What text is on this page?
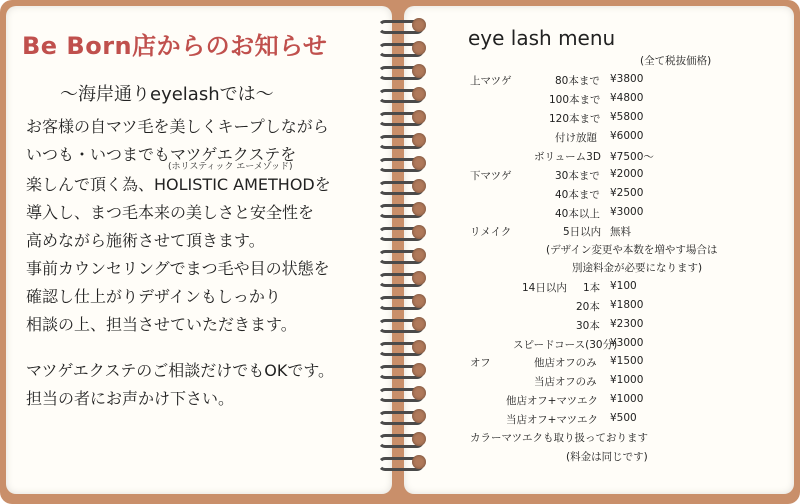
Be Born店からのお知らせ
〜海岸通りeyelashでは〜
お客様の自マツ毛を美しくキープしながら
いつも・いつまでもマツゲエクステを
(ホリスティック エーメゾッド)
楽しんで頂く為、HOLISTIC AMETHODを
導入し、まつ毛本来の美しさと安全性を
高めながら施術させて頂きます。
事前カウンセリングでまつ毛や目の状態を
確認し仕上がりデザインもしっかり
相談の上、担当させていただきます。
マツゲエクステのご相談だけでもOKです。
担当の者にお声かけ下さい。
eye lash menu
(全て税抜価格)
上マツゲ	80本まで ¥3800
100本まで ¥4800
120本まで ¥5800
付け放題 ¥6000
ボリューム3D ¥7500〜
下マツゲ	30本まで ¥2000
40本まで ¥2500
40本以上 ¥3000
リメイク	5日以内 無料
(デザイン変更や本数を増やす場合は
別途料金が必要になります)
14日以内 1本 ¥100
20本 ¥1800
30本 ¥2300
スピードコース(30分)
¥3000
オフ	他店オフのみ ¥1500
当店オフのみ ¥1000
他店オフ+マツエク ¥1000
当店オフ+マツエク ¥500
カラーマツエクも取り扱っております
(料金は同じです)
